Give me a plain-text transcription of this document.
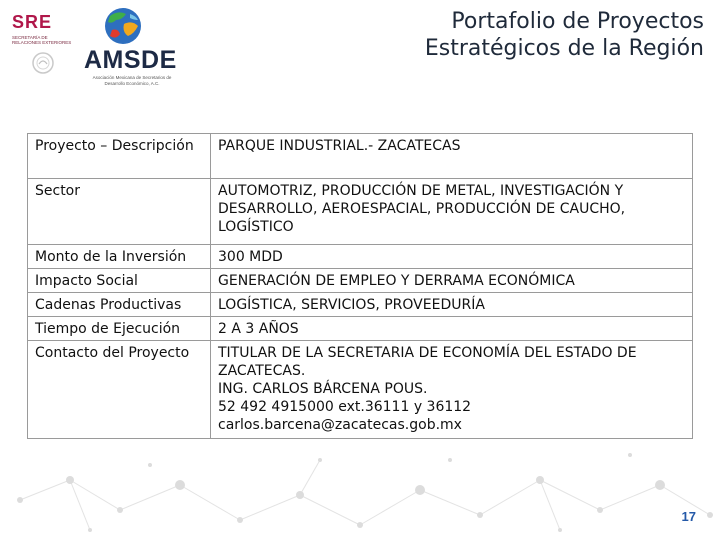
SRE
SECRETARÍA DE RELACIONES EXTERIORES
AMSDE
Asociación Mexicana de Secretarios de Desarrollo Económico, A.C.
Portafolio de Proyectos
Estratégicos de la Región
Proyecto – Descripción	PARQUE INDUSTRIAL.- ZACATECAS
Sector	AUTOMOTRIZ, PRODUCCIÓN DE METAL, INVESTIGACIÓN Y DESARROLLO, AEROESPACIAL, PRODUCCIÓN DE CAUCHO, LOGÍSTICO
Monto de la Inversión	300 MDD
Impacto Social	GENERACIÓN DE EMPLEO Y DERRAMA ECONÓMICA
Cadenas Productivas	LOGÍSTICA, SERVICIOS, PROVEEDURÍA
Tiempo de Ejecución	2 A 3 AÑOS
Contacto del Proyecto	TITULAR DE LA SECRETARIA DE ECONOMÍA DEL ESTADO DE ZACATECAS.
ING. CARLOS BÁRCENA POUS.
52 492 4915000 ext.36111 y 36112
carlos.barcena@zacatecas.gob.mx
17
